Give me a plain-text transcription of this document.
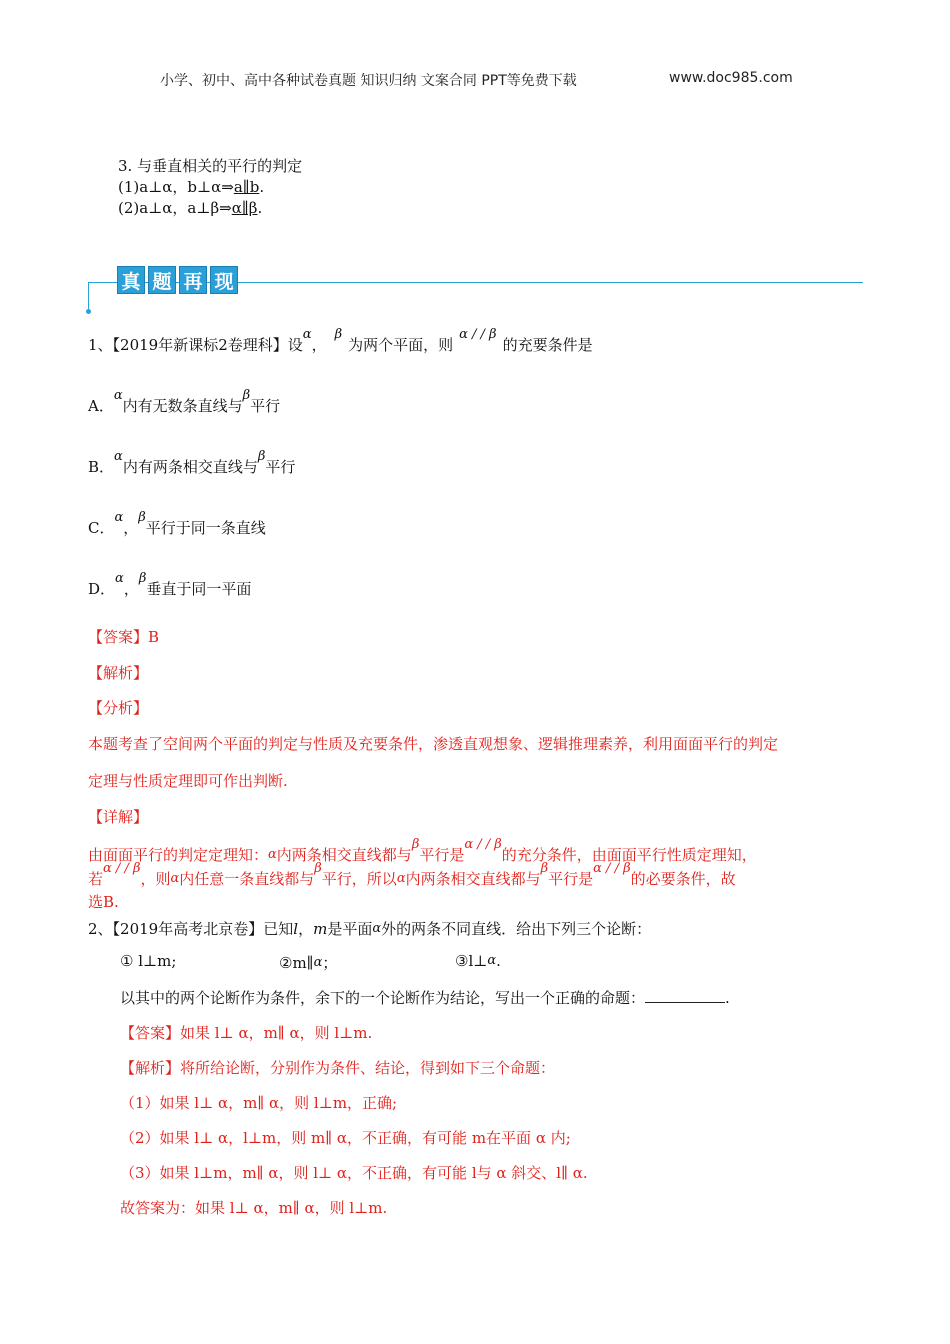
小学、初中、高中各种试卷真题 知识归纳 文案合同 PPT等免费下载	www.doc985.com
3. 与垂直相关的平行的判定
(1)a⊥α，b⊥α⇒a∥b.
(2)a⊥α，a⊥β⇒α∥β.
真 题 再 现
1、【2019年新课标2卷理科】设α，β为两个平面，则α / / β的充要条件是
A．α内有无数条直线与β平行
B．α内有两条相交直线与β平行
C．α，β平行于同一条直线
D．α，β垂直于同一平面
【答案】B
【解析】
【分析】
本题考查了空间两个平面的判定与性质及充要条件，渗透直观想象、逻辑推理素养，利用面面平行的判定
定理与性质定理即可作出判断.
【详解】
由面面平行的判定定理知：α内两条相交直线都与β平行是α / / β的充分条件，由面面平行性质定理知，
若α / / β，则α内任意一条直线都与β平行，所以α内两条相交直线都与β平行是α / / β的必要条件，故
选B.
2、【2019年高考北京卷】已知l，m是平面α外的两条不同直线．给出下列三个论断：
① l⊥m;	②m∥α；	③l⊥α.
以其中的两个论断作为条件，余下的一个论断作为结论，写出一个正确的命题：	.
【答案】如果 l⊥ α，m∥ α，则 l⊥m.
【解析】将所给论断，分别作为条件、结论，得到如下三个命题：
（1）如果 l⊥ α，m∥ α，则 l⊥m，正确;
（2）如果 l⊥ α，l⊥m，则 m∥ α，不正确，有可能 m在平面 α 内;
（3）如果 l⊥m，m∥ α，则 l⊥ α，不正确，有可能 l与 α 斜交、l∥ α.
故答案为：如果 l⊥ α，m∥ α，则 l⊥m.
